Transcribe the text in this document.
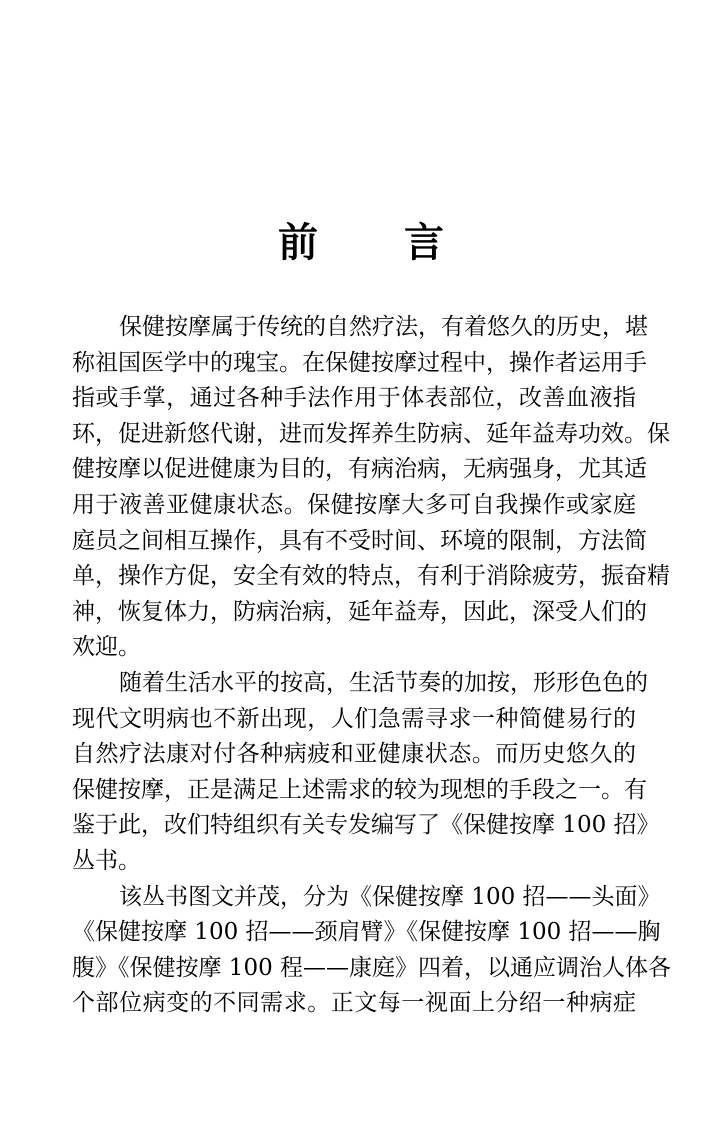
前 言
保健按摩属于传统的自然疗法，有着悠久的历史，堪
称祖国医学中的瑰宝。在保健按摩过程中，操作者运用手
指或手掌，通过各种手法作用于体表部位，改善血液指
环，促进新悠代谢，进而发挥养生防病、延年益寿功效。保
健按摩以促进健康为目的，有病治病，无病强身，尤其适
用于液善亚健康状态。保健按摩大多可自我操作或家庭
庭员之间相互操作，具有不受时间、环境的限制，方法简
单，操作方促，安全有效的特点，有利于消除疲劳，振奋精
神，恢复体力，防病治病，延年益寿，因此，深受人们的
欢迎。
随着生活水平的按高，生活节奏的加按，形形色色的
现代文明病也不新出现，人们急需寻求一种简健易行的
自然疗法康对付各种病疲和亚健康状态。而历史悠久的
保健按摩，正是满足上述需求的较为现想的手段之一。有
鉴于此，改们特组织有关专发编写了《保健按摩 100 招》
丛书。
该丛书图文并茂，分为《保健按摩 100 招——头面》
《保健按摩 100 招——颈肩臂》《保健按摩 100 招——胸
腹》《保健按摩 100 程——康庭》四着，以通应调治人体各
个部位病变的不同需求。正文每一视面上分绍一种病症
